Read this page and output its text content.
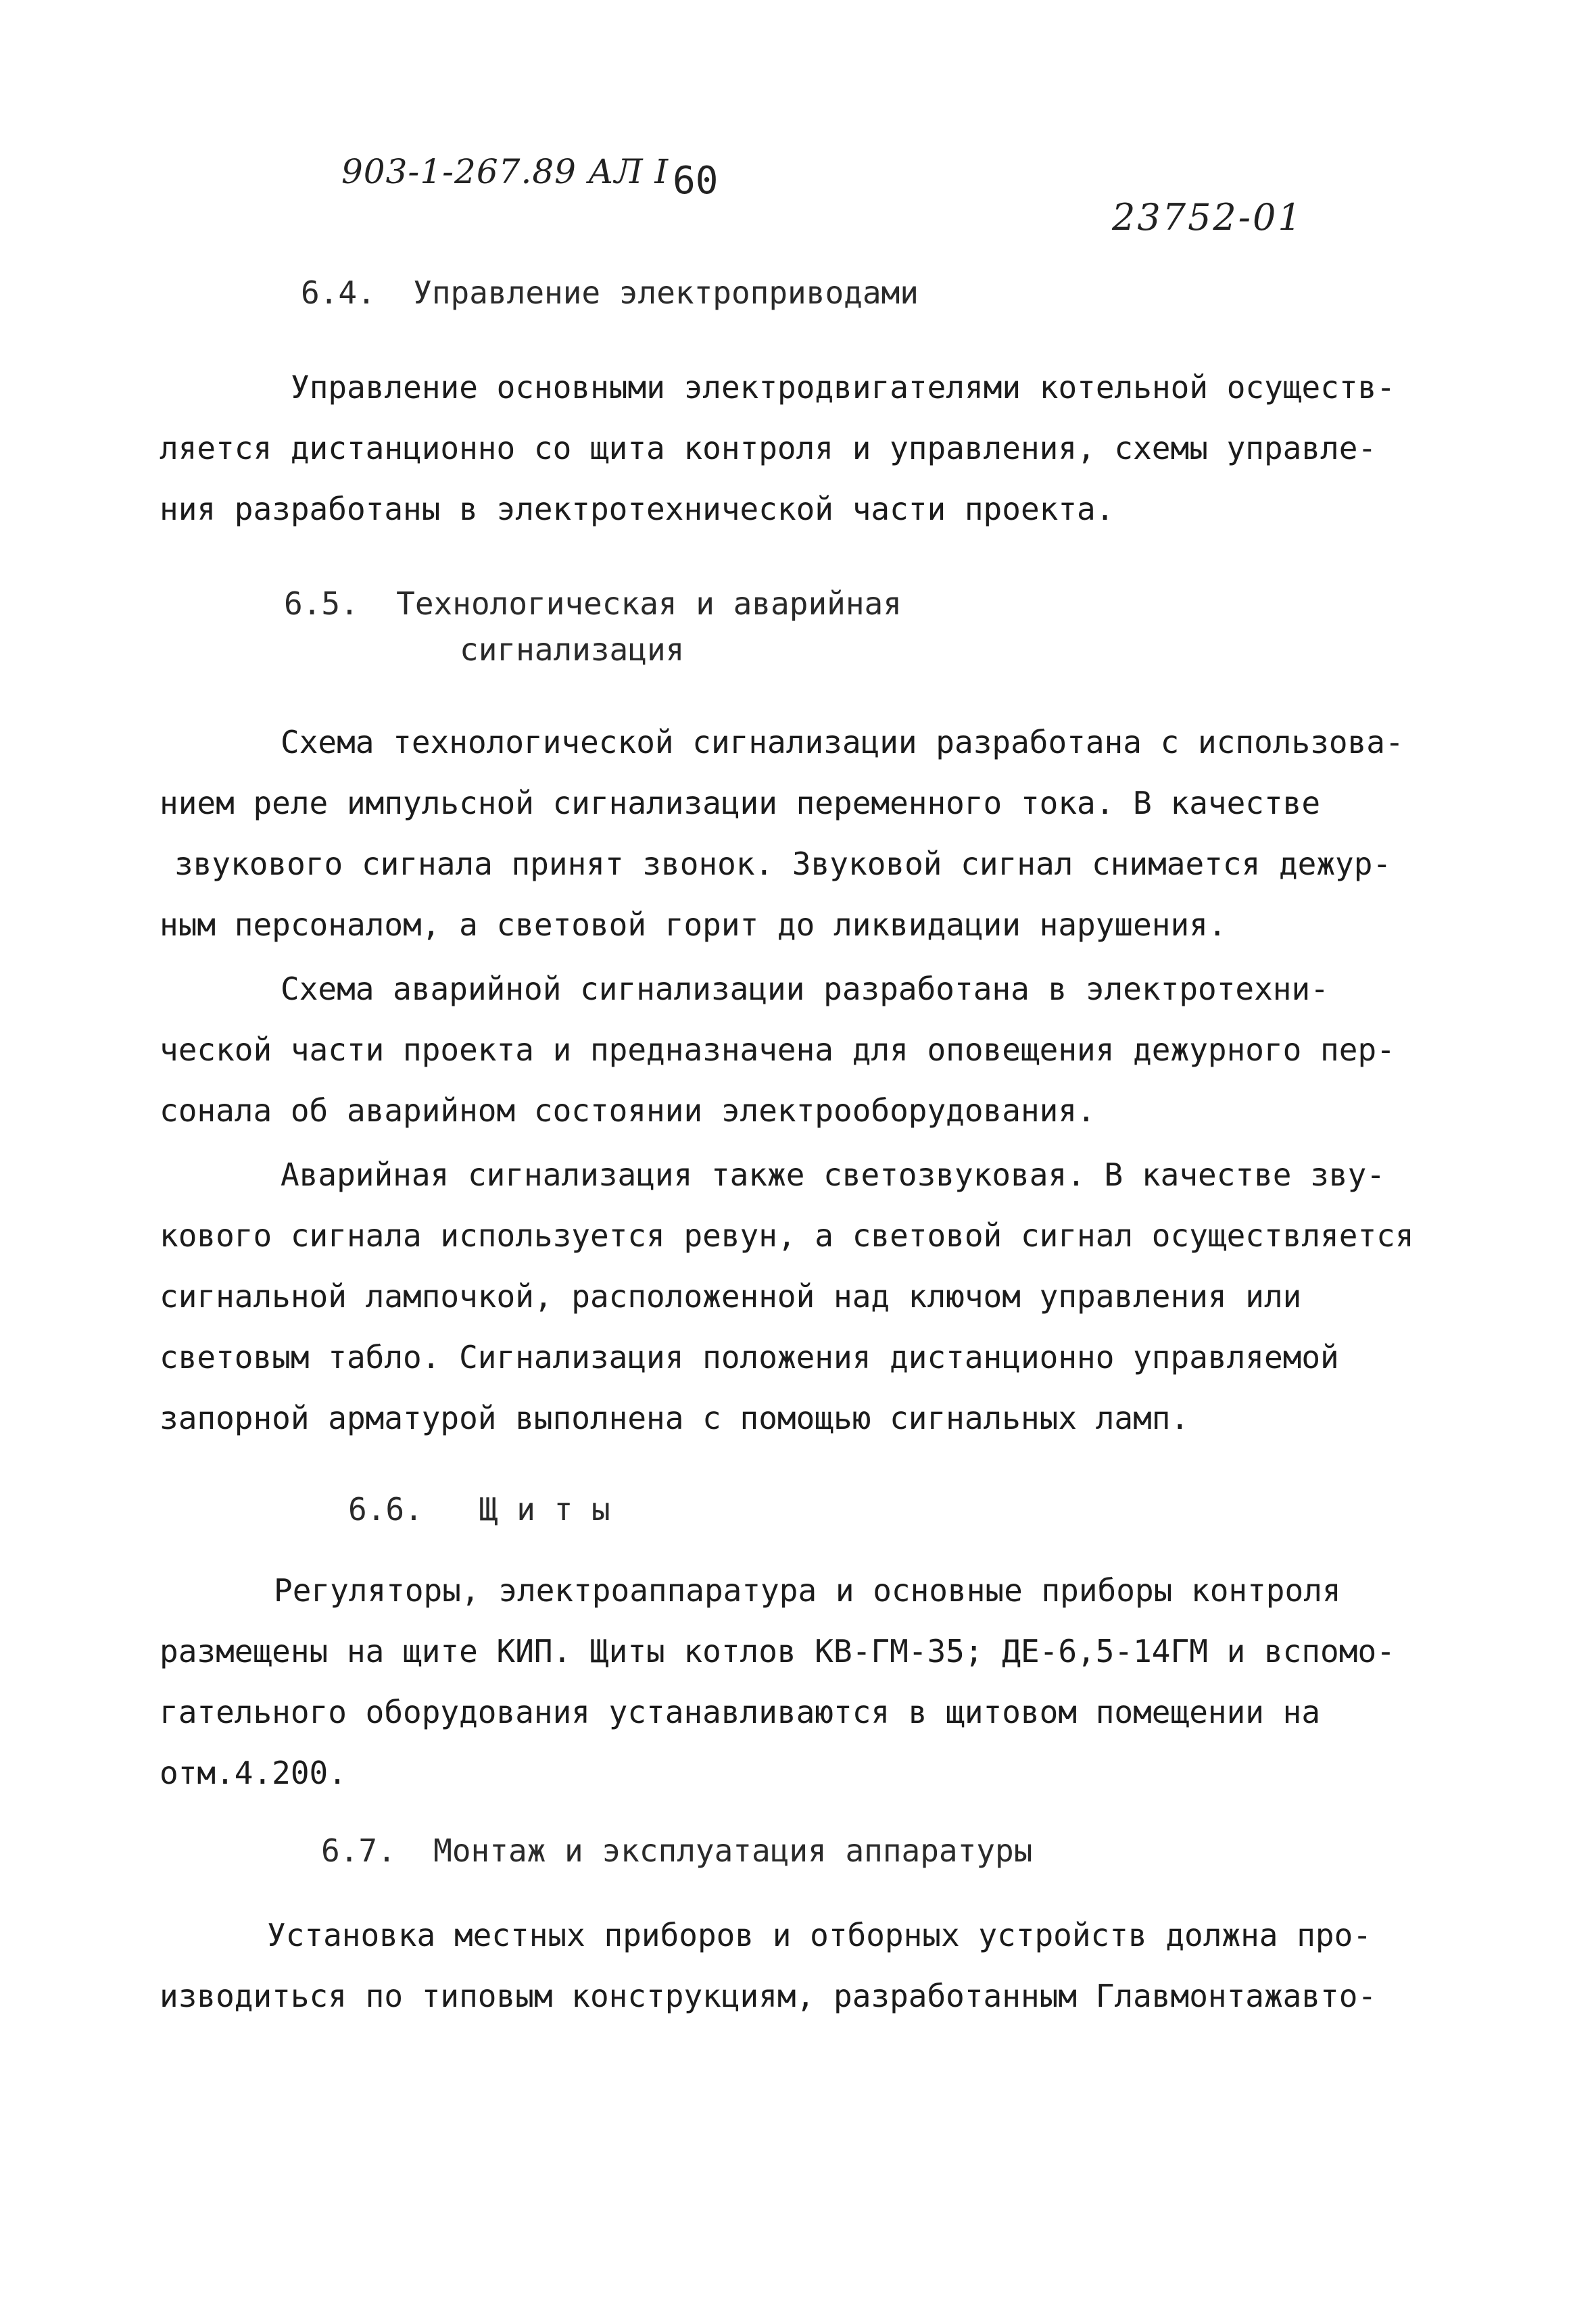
903-1-267.89 АЛ I 60
23752-01
6.4.  Управление электроприводами
Управление основными электродвигателями котельной осуществ-
ляется дистанционно со щита контроля и управления, схемы управле-
ния разработаны в электротехнической части проекта.
6.5.  Технологическая и аварийная
сигнализация
Схема технологической сигнализации разработана с использова-
нием реле импульсной сигнализации переменного тока. В качестве
звукового сигнала принят звонок. Звуковой сигнал снимается дежур-
ным персоналом, а световой горит до ликвидации нарушения.
Схема аварийной сигнализации разработана в электротехни-
ческой части проекта и предназначена для оповещения дежурного пер-
сонала об аварийном состоянии электрооборудования.
Аварийная сигнализация также светозвуковая. В качестве зву-
кового сигнала используется ревун, а световой сигнал осуществляется
сигнальной лампочкой, расположенной над ключом управления или
световым табло. Сигнализация положения дистанционно управляемой
запорной арматурой выполнена с помощью сигнальных ламп.
6.6.   Щ и т ы
Регуляторы, электроаппаратура и основные приборы контроля
размещены на щите КИП. Щиты котлов КВ-ГМ-35; ДЕ-6,5-14ГМ и вспомо-
гательного оборудования устанавливаются в щитовом помещении на
отм.4.200.
6.7.  Монтаж и эксплуатация аппаратуры
Установка местных приборов и отборных устройств должна про-
изводиться по типовым конструкциям, разработанным Главмонтажавто-
